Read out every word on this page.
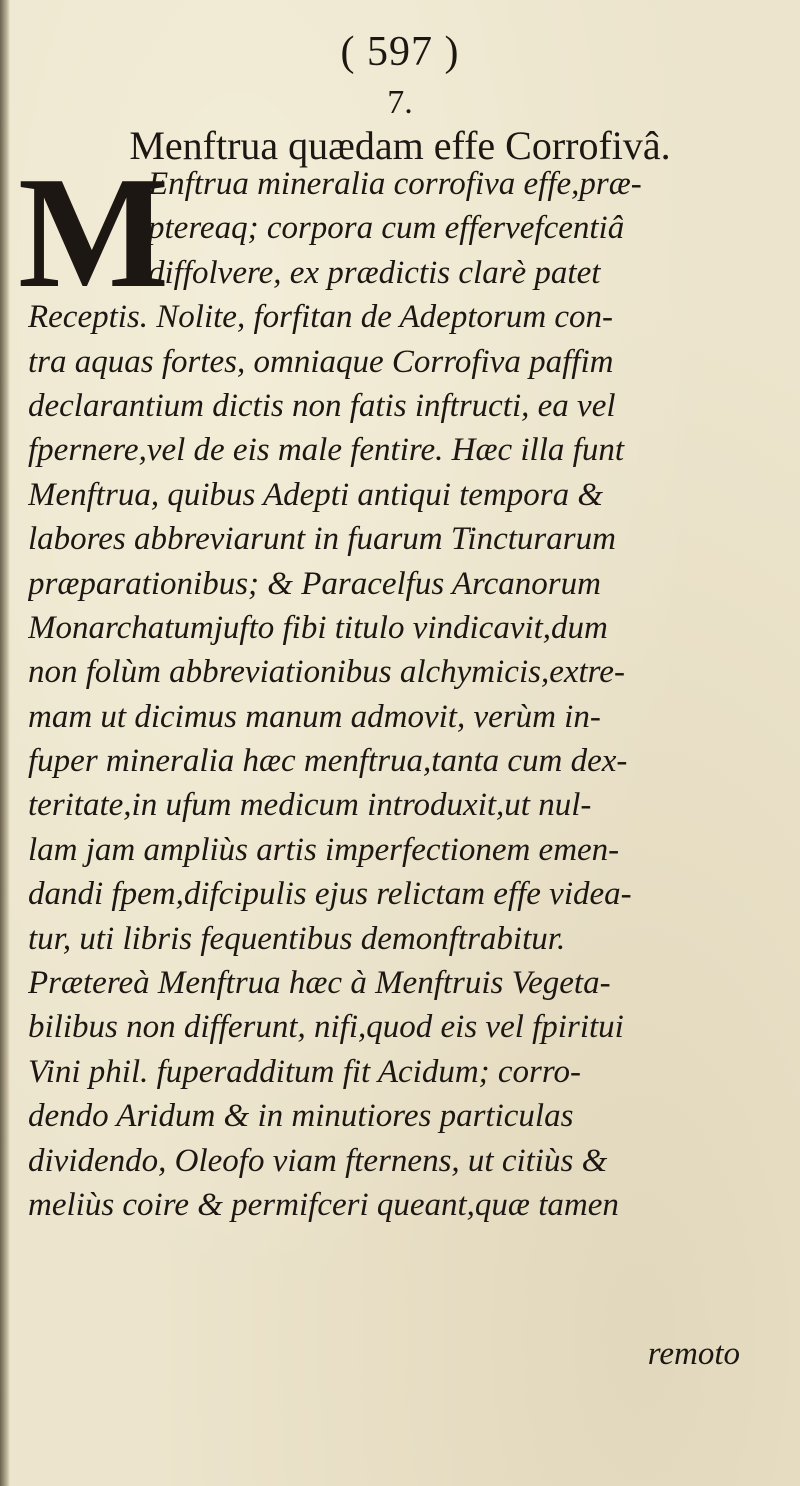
( 597 )
7.
Menftrua quædam effe Corrofivâ.
M
Enftrua mineralia corrofiva effe,præ-
ptereaq; corpora cum effervefcentiâ
diffolvere, ex prædictis clarè patet
Receptis. Nolite, forfitan de Adeptorum con-
tra aquas fortes, omniaque Corrofiva paffim
declarantium dictis non fatis inftructi, ea vel
fpernere,vel de eis male fentire. Hæc illa funt
Menftrua, quibus Adepti antiqui tempora &
labores abbreviarunt in fuarum Tincturarum
præparationibus; & Paracelfus Arcanorum
Monarchatumjufto fibi titulo vindicavit,dum
non folùm abbreviationibus alchymicis,extre-
mam ut dicimus manum admovit, verùm in-
fuper mineralia hæc menftrua,tanta cum dex-
teritate,in ufum medicum introduxit,ut nul-
lam jam ampliùs artis imperfectionem emen-
dandi fpem,difcipulis ejus relictam effe videa-
tur, uti libris fequentibus demonftrabitur.
Prætereà Menftrua hæc à Menftruis Vegeta-
bilibus non differunt, nifi,quod eis vel fpiritui
Vini phil. fuperadditum fit Acidum; corro-
dendo Aridum & in minutiores particulas
dividendo, Oleofo viam fternens, ut citiùs &
meliùs coire & permifceri queant,quæ tamen
remoto
